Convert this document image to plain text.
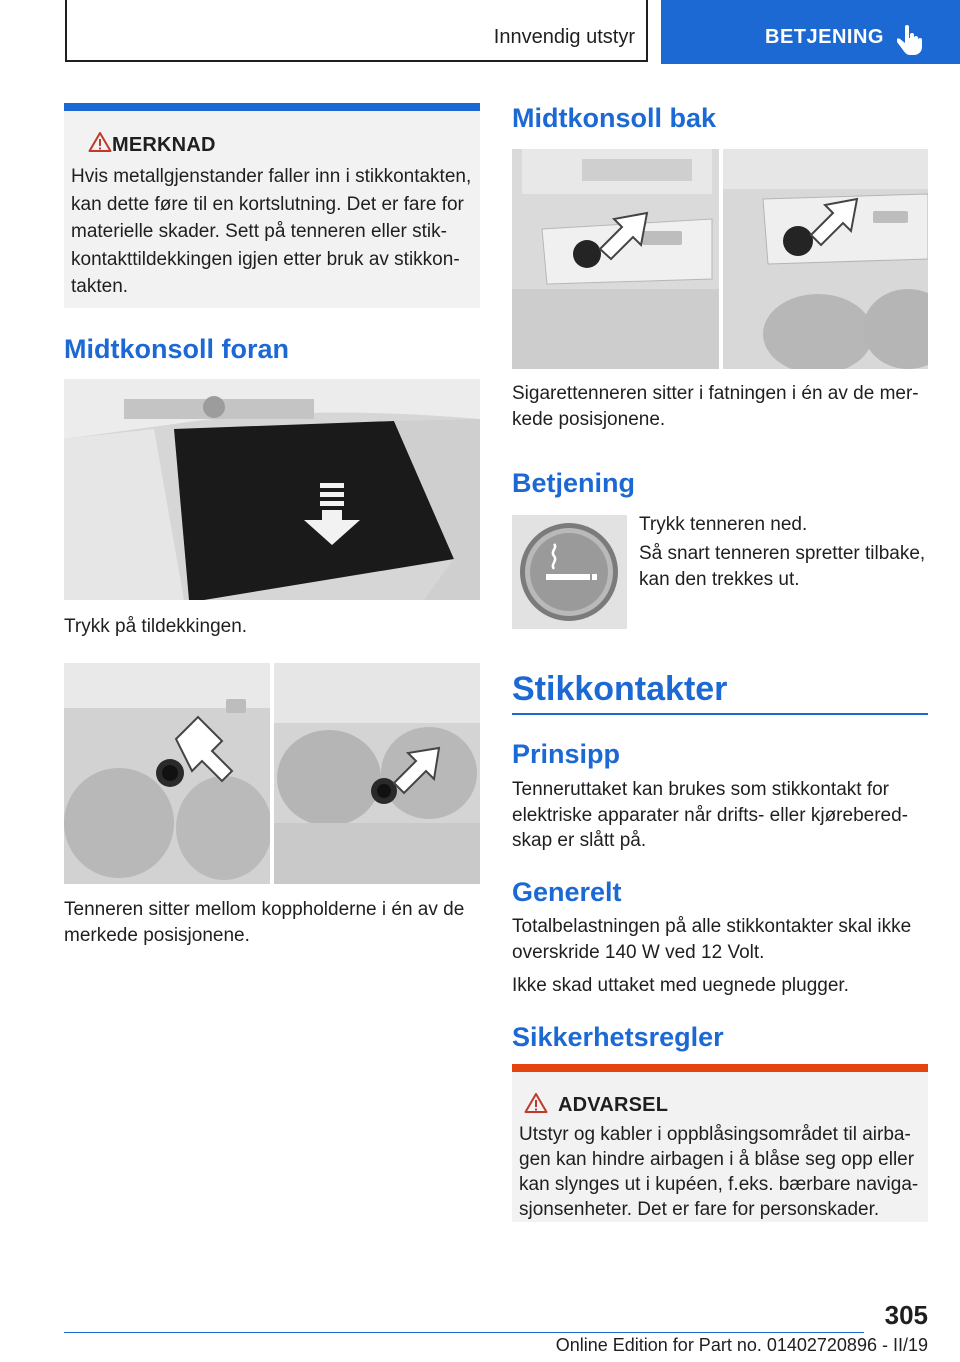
Innvendig utstyr	BETJENING
MERKNAD
Hvis metallgjenstander faller inn i stikkontakten,
kan dette føre til en kortslutning. Det er fare for
materielle skader. Sett på tenneren eller stik-
kontakttildekkingen igjen etter bruk av stikkon-
takten.
Midtkonsoll foran
Trykk på tildekkingen.
Tenneren sitter mellom koppholderne i én av de
merkede posisjonene.
Midtkonsoll bak
Sigarettenneren sitter i fatningen i én av de mer-
kede posisjonene.
Betjening
Trykk tenneren ned.
Så snart tenneren spretter tilbake,
kan den trekkes ut.
Stikkontakter
Prinsipp
Tenneruttaket kan brukes som stikkontakt for
elektriske apparater når drifts- eller kjørebered-
skap er slått på.
Generelt
Totalbelastningen på alle stikkontakter skal ikke
overskride 140 W ved 12 Volt.
Ikke skad uttaket med uegnede plugger.
Sikkerhetsregler
ADVARSEL
Utstyr og kabler i oppblåsingsområdet til airba-
gen kan hindre airbagen i å blåse seg opp eller
kan slynges ut i kupéen, f.eks. bærbare naviga-
sjonsenheter. Det er fare for personskader.
305
Online Edition for Part no. 01402720896 - II/19
